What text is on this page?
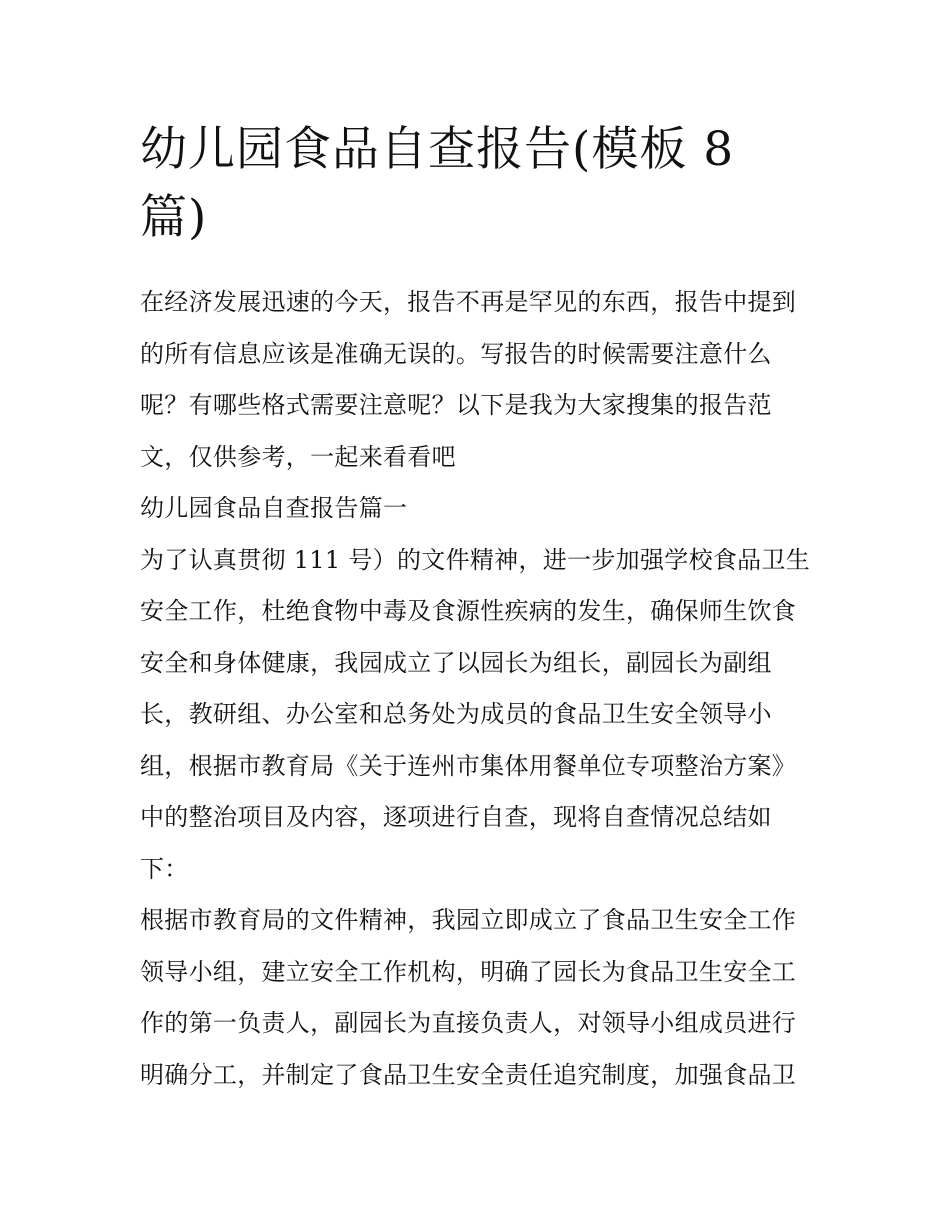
幼儿园食品自查报告(模板 8
篇)
在经济发展迅速的今天，报告不再是罕见的东西，报告中提到
的所有信息应该是准确无误的。写报告的时候需要注意什么
呢？有哪些格式需要注意呢？以下是我为大家搜集的报告范
文，仅供参考，一起来看看吧
幼儿园食品自查报告篇一
为了认真贯彻 111 号）的文件精神，进一步加强学校食品卫生
安全工作，杜绝食物中毒及食源性疾病的发生，确保师生饮食
安全和身体健康，我园成立了以园长为组长，副园长为副组
长，教研组、办公室和总务处为成员的食品卫生安全领导小
组，根据市教育局《关于连州市集体用餐单位专项整治方案》
中的整治项目及内容，逐项进行自查，现将自查情况总结如
下：
根据市教育局的文件精神，我园立即成立了食品卫生安全工作
领导小组，建立安全工作机构，明确了园长为食品卫生安全工
作的第一负责人，副园长为直接负责人，对领导小组成员进行
明确分工，并制定了食品卫生安全责任追究制度，加强食品卫
